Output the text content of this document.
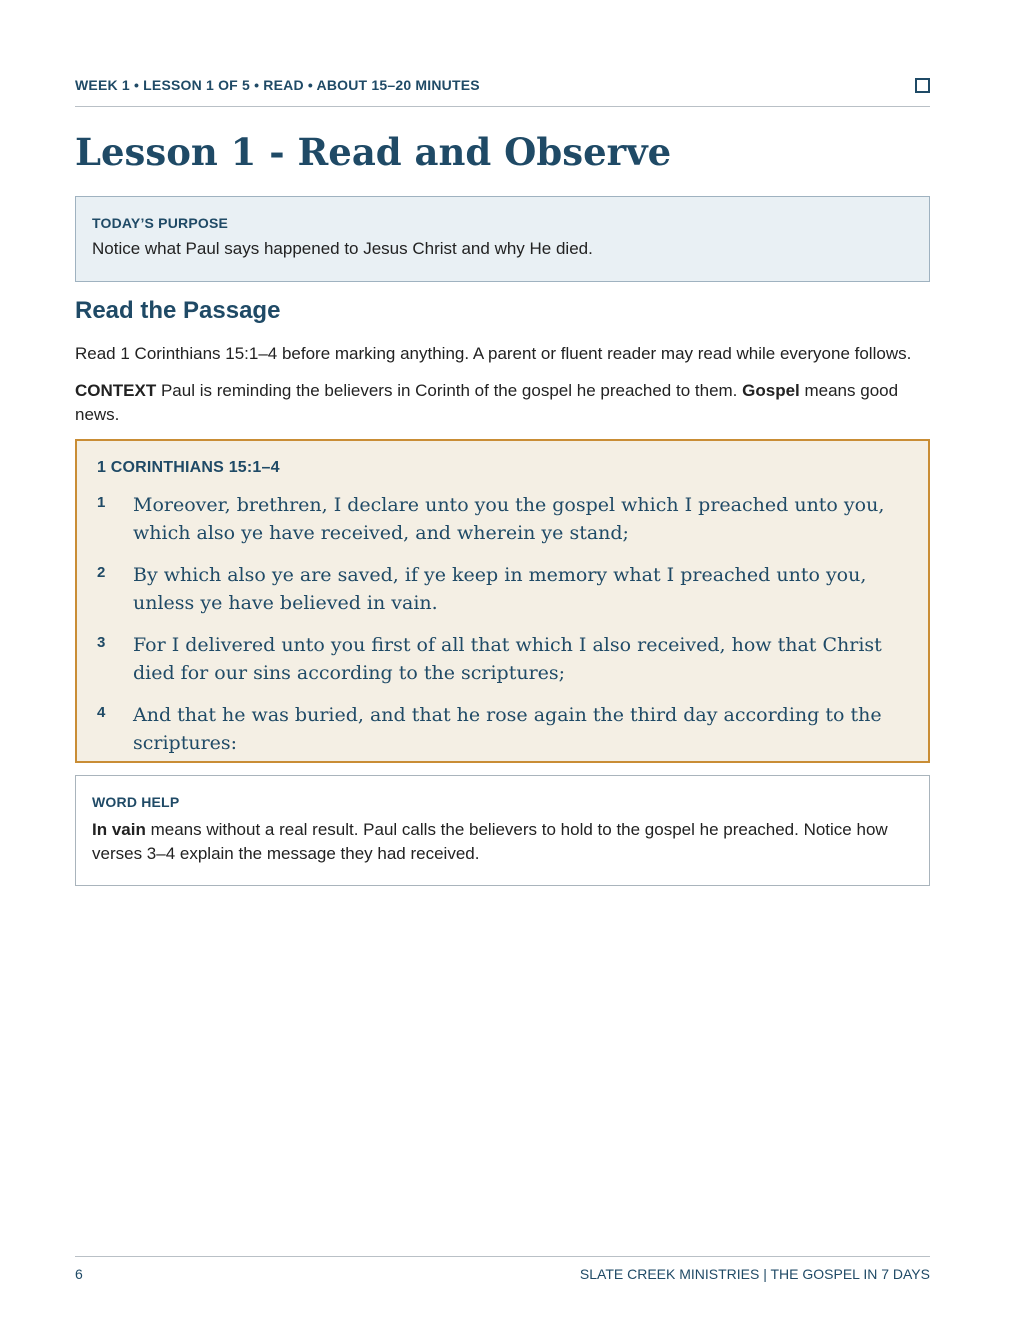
WEEK 1 • LESSON 1 OF 5 • READ • ABOUT 15–20 MINUTES
Lesson 1 - Read and Observe
TODAY’S PURPOSE
Notice what Paul says happened to Jesus Christ and why He died.
Read the Passage

Read 1 Corinthians 15:1–4 before marking anything. A parent or fluent reader may read while everyone follows.

CONTEXT Paul is reminding the believers in Corinth of the gospel he preached to them. Gospel means good news.

1 CORINTHIANS 15:1–4
1	Moreover, brethren, I declare unto you the gospel which I preached unto you, which also ye have received, and wherein ye stand;
2	By which also ye are saved, if ye keep in memory what I preached unto you, unless ye have believed in vain.
3	For I delivered unto you first of all that which I also received, how that Christ died for our sins according to the scriptures;
4	And that he was buried, and that he rose again the third day according to the scriptures:
WORD HELP
In vain means without a real result. Paul calls the believers to hold to the gospel he preached. Notice how verses 3–4 explain the message they had received.
6	SLATE CREEK MINISTRIES | THE GOSPEL IN 7 DAYS
